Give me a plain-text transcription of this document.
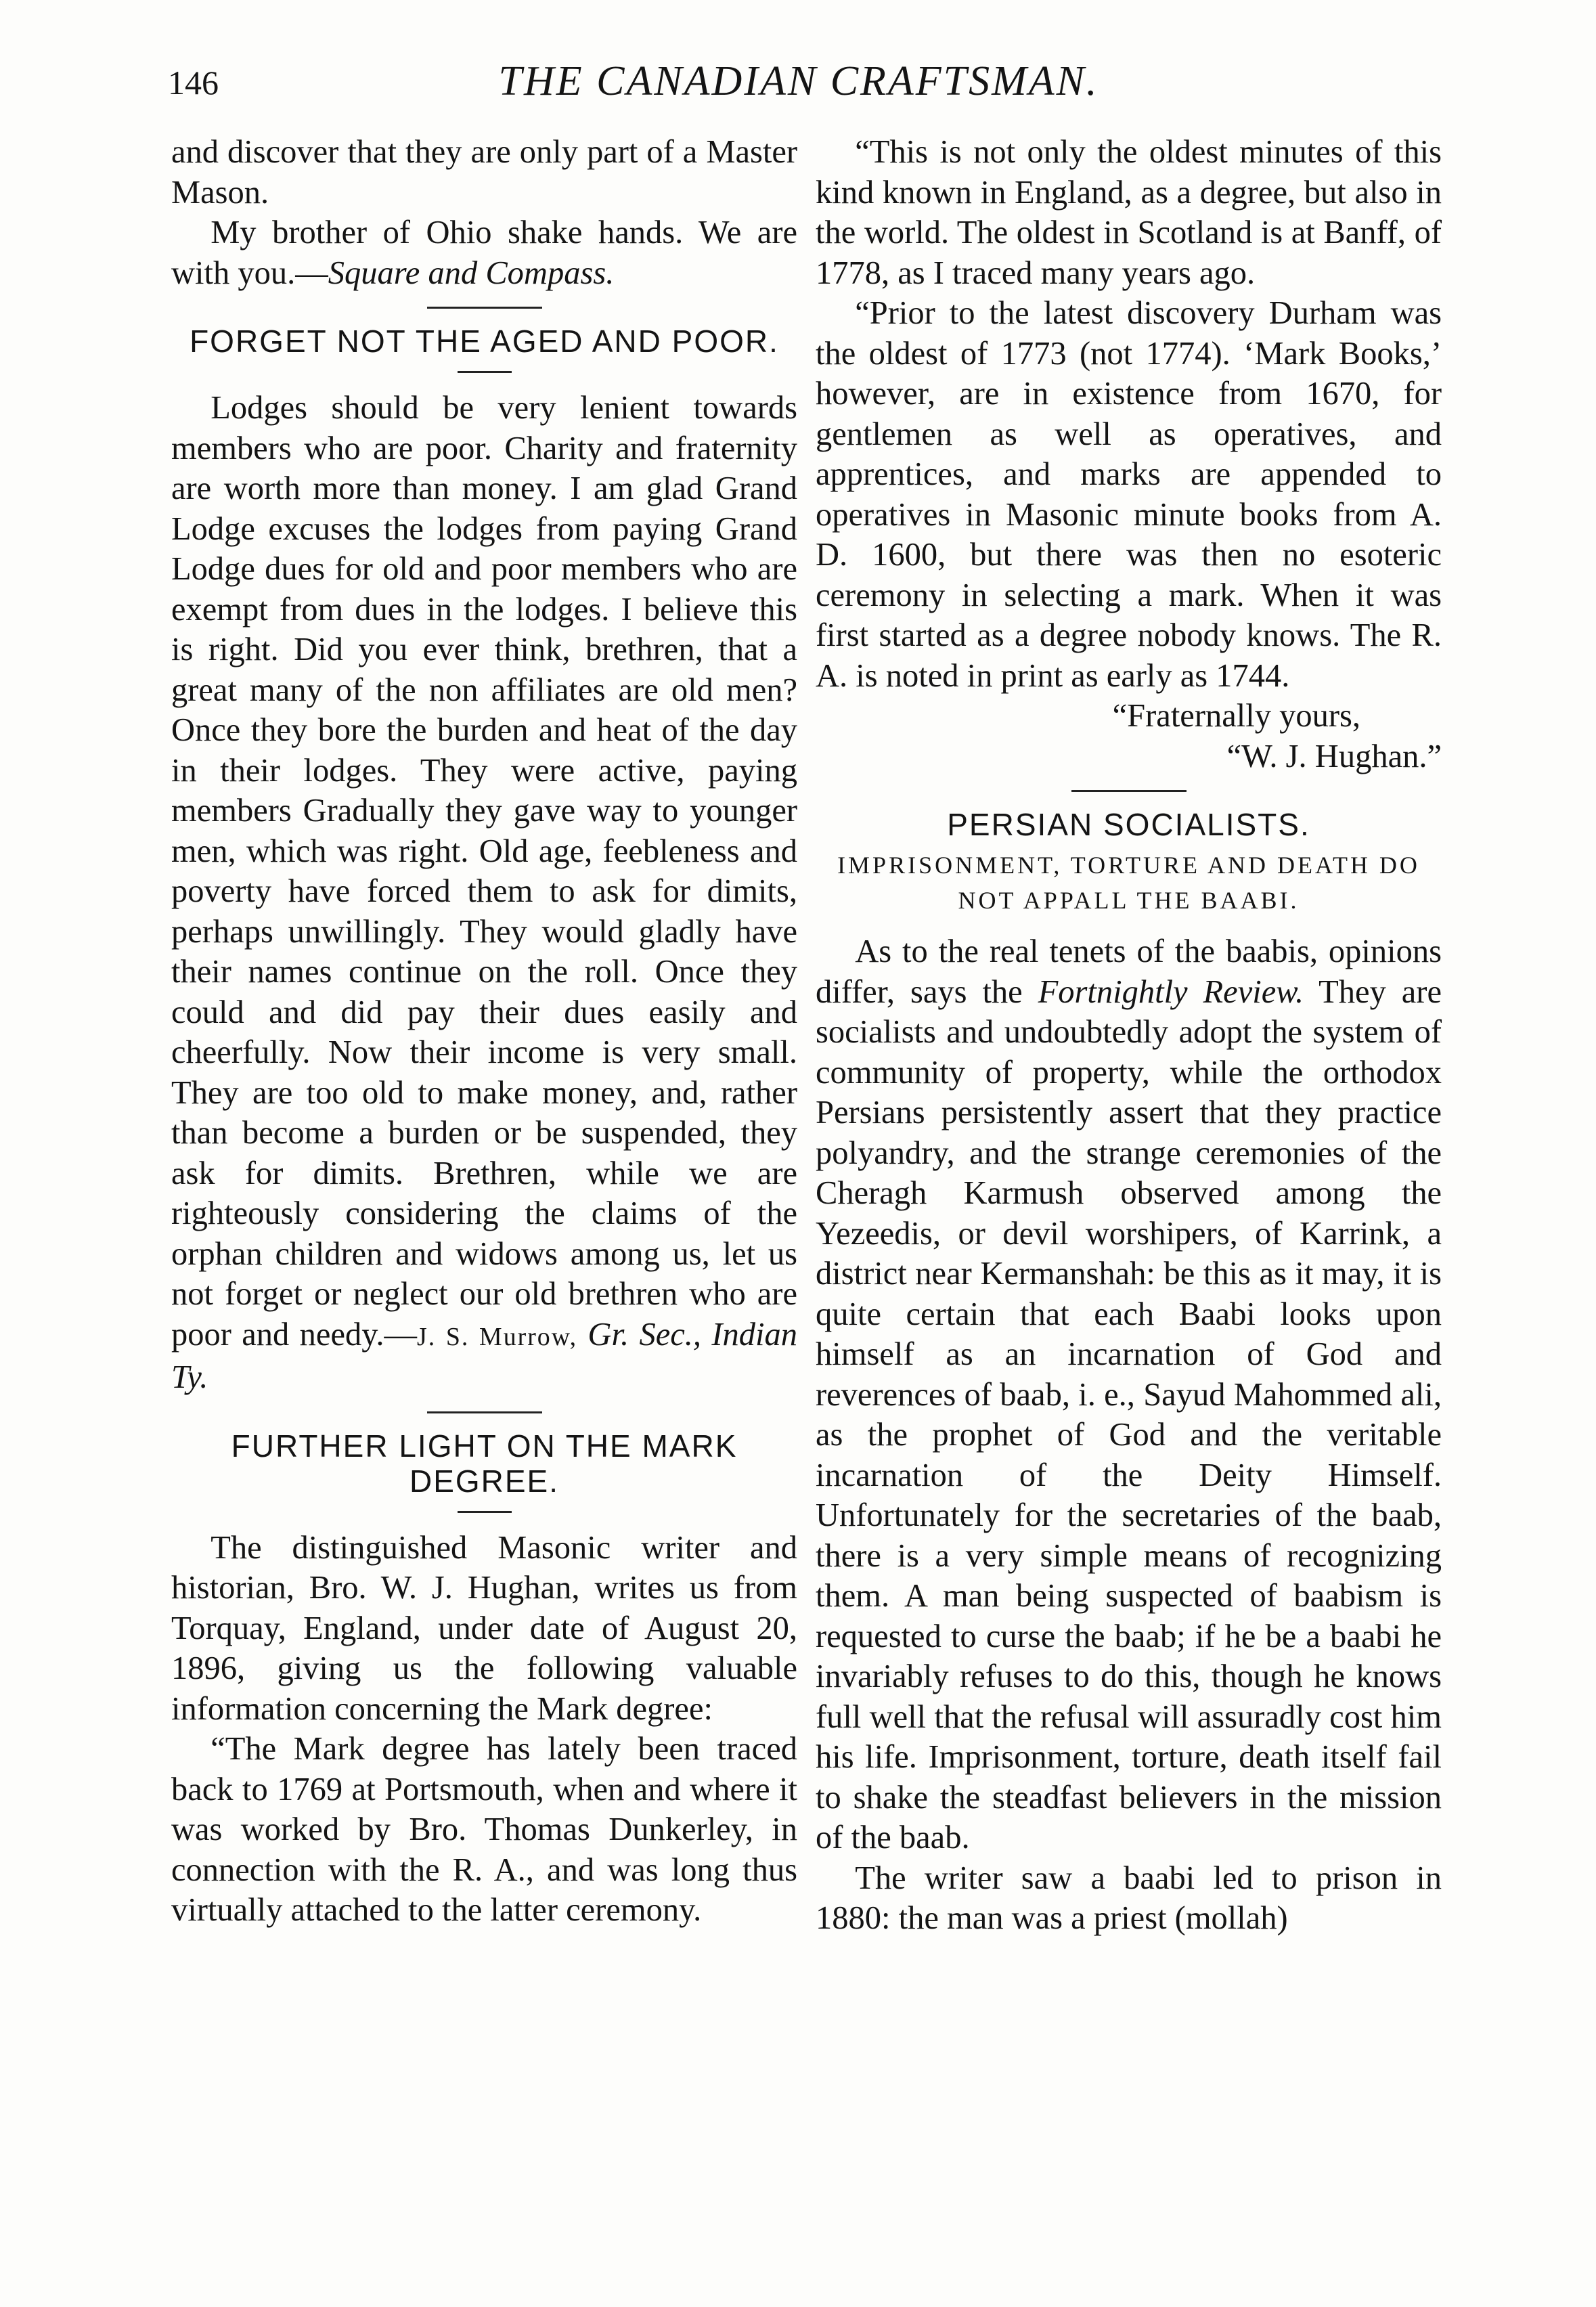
146	THE CANADIAN CRAFTSMAN.

and discover that they are only part of a Master Mason.

My brother of Ohio shake hands. We are with you.—Square and Compass.

FORGET NOT THE AGED AND POOR.

Lodges should be very lenient towards members who are poor. Charity and fraternity are worth more than money. I am glad Grand Lodge excuses the lodges from paying Grand Lodge dues for old and poor members who are exempt from dues in the lodges. I believe this is right. Did you ever think, brethren, that a great many of the non affiliates are old men? Once they bore the burden and heat of the day in their lodges. They were active, paying members Gradually they gave way to younger men, which was right. Old age, feebleness and poverty have forced them to ask for dimits, perhaps unwillingly. They would gladly have their names continue on the roll. Once they could and did pay their dues easily and cheerfully. Now their income is very small. They are too old to make money, and, rather than become a burden or be suspended, they ask for dimits. Brethren, while we are righteously considering the claims of the orphan children and widows among us, let us not forget or neglect our old brethren who are poor and needy.—J. S. Murrow, Gr. Sec., Indian Ty.

FURTHER LIGHT ON THE MARK DEGREE.

The distinguished Masonic writer and historian, Bro. W. J. Hughan, writes us from Torquay, England, under date of August 20, 1896, giving us the following valuable information concerning the Mark degree:

“The Mark degree has lately been traced back to 1769 at Portsmouth, when and where it was worked by Bro. Thomas Dunkerley, in connection with the R. A., and was long thus virtually attached to the latter ceremony.

“This is not only the oldest minutes of this kind known in England, as a degree, but also in the world. The oldest in Scotland is at Banff, of 1778, as I traced many years ago.

“Prior to the latest discovery Durham was the oldest of 1773 (not 1774). ‘Mark Books,’ however, are in existence from 1670, for gentlemen as well as operatives, and apprentices, and marks are appended to operatives in Masonic minute books from A. D. 1600, but there was then no esoteric ceremony in selecting a mark. When it was first started as a degree nobody knows. The R. A. is noted in print as early as 1744.

“Fraternally yours,

“W. J. Hughan.”

PERSIAN SOCIALISTS.
IMPRISONMENT, TORTURE AND DEATH DO NOT APPALL THE BAABI.

As to the real tenets of the baabis, opinions differ, says the Fortnightly Review. They are socialists and undoubtedly adopt the system of community of property, while the orthodox Persians persistently assert that they practice polyandry, and the strange ceremonies of the Cheragh Karmush observed among the Yezeedis, or devil worshipers, of Karrink, a district near Kermanshah: be this as it may, it is quite certain that each Baabi looks upon himself as an incarnation of God and reverences of baab, i. e., Sayud Mahommed ali, as the prophet of God and the veritable incarnation of the Deity Himself. Unfortunately for the secretaries of the baab, there is a very simple means of recognizing them. A man being suspected of baabism is requested to curse the baab; if he be a baabi he invariably refuses to do this, though he knows full well that the refusal will assuradly cost him his life. Imprisonment, torture, death itself fail to shake the steadfast believers in the mission of the baab.

The writer saw a baabi led to prison in 1880: the man was a priest (mollah)
